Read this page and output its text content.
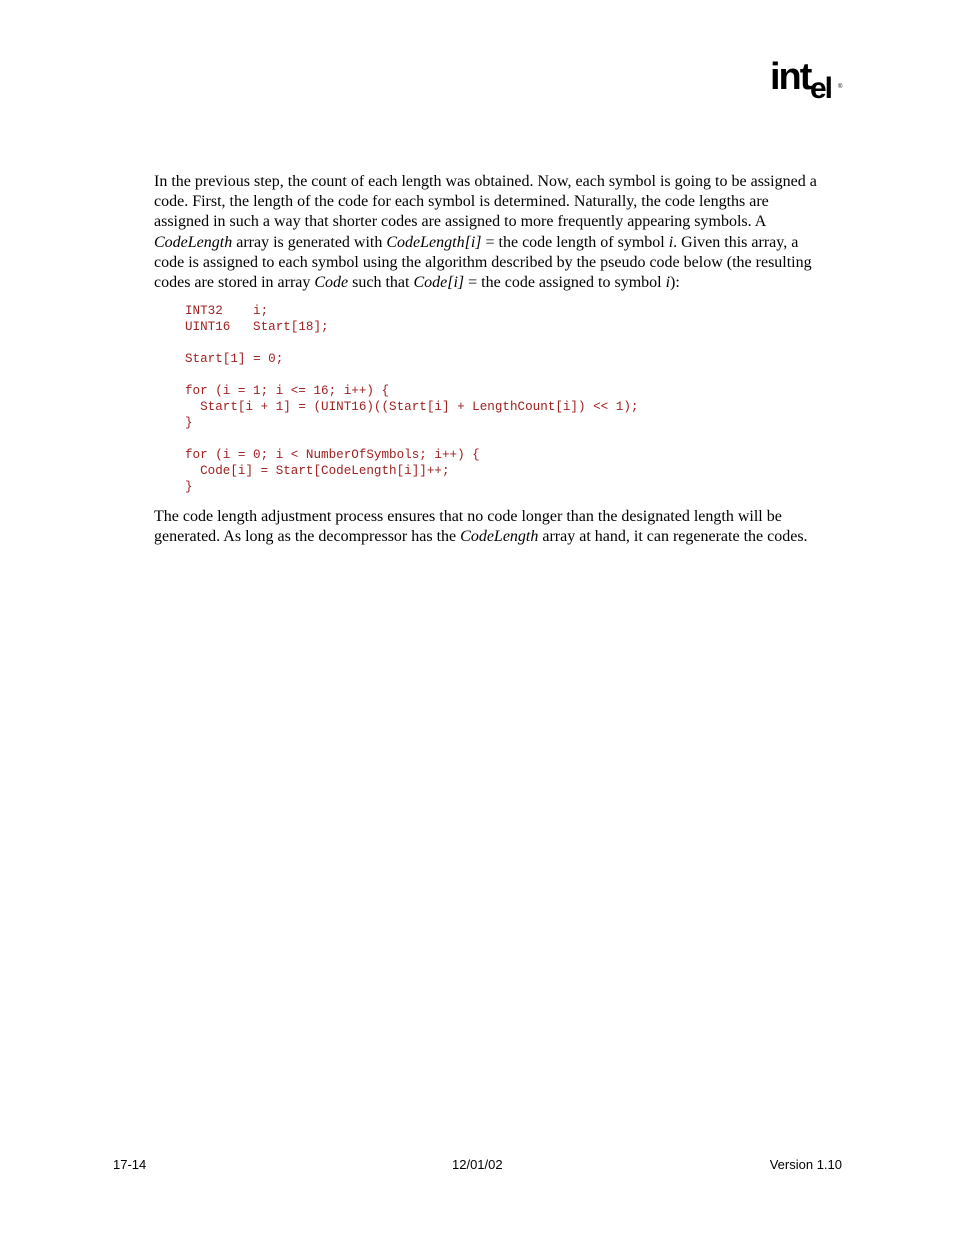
int el ®

In the previous step, the count of each length was obtained. Now, each symbol is going to be assigned a code. First, the length of the code for each symbol is determined. Naturally, the code lengths are assigned in such a way that shorter codes are assigned to more frequently appearing symbols. A CodeLength array is generated with CodeLength[i] = the code length of symbol i. Given this array, a code is assigned to each symbol using the algorithm described by the pseudo code below (the resulting codes are stored in array Code such that Code[i] = the code assigned to symbol i):

INT32    i;
UINT16   Start[18];

Start[1] = 0;

for (i = 1; i <= 16; i++) {
Start[i + 1] = (UINT16)((Start[i] + LengthCount[i]) << 1);
}

for (i = 0; i < NumberOfSymbols; i++) {
Code[i] = Start[CodeLength[i]]++;
}

The code length adjustment process ensures that no code longer than the designated length will be generated. As long as the decompressor has the CodeLength array at hand, it can regenerate the codes.

17-14	12/01/02	Version 1.10
